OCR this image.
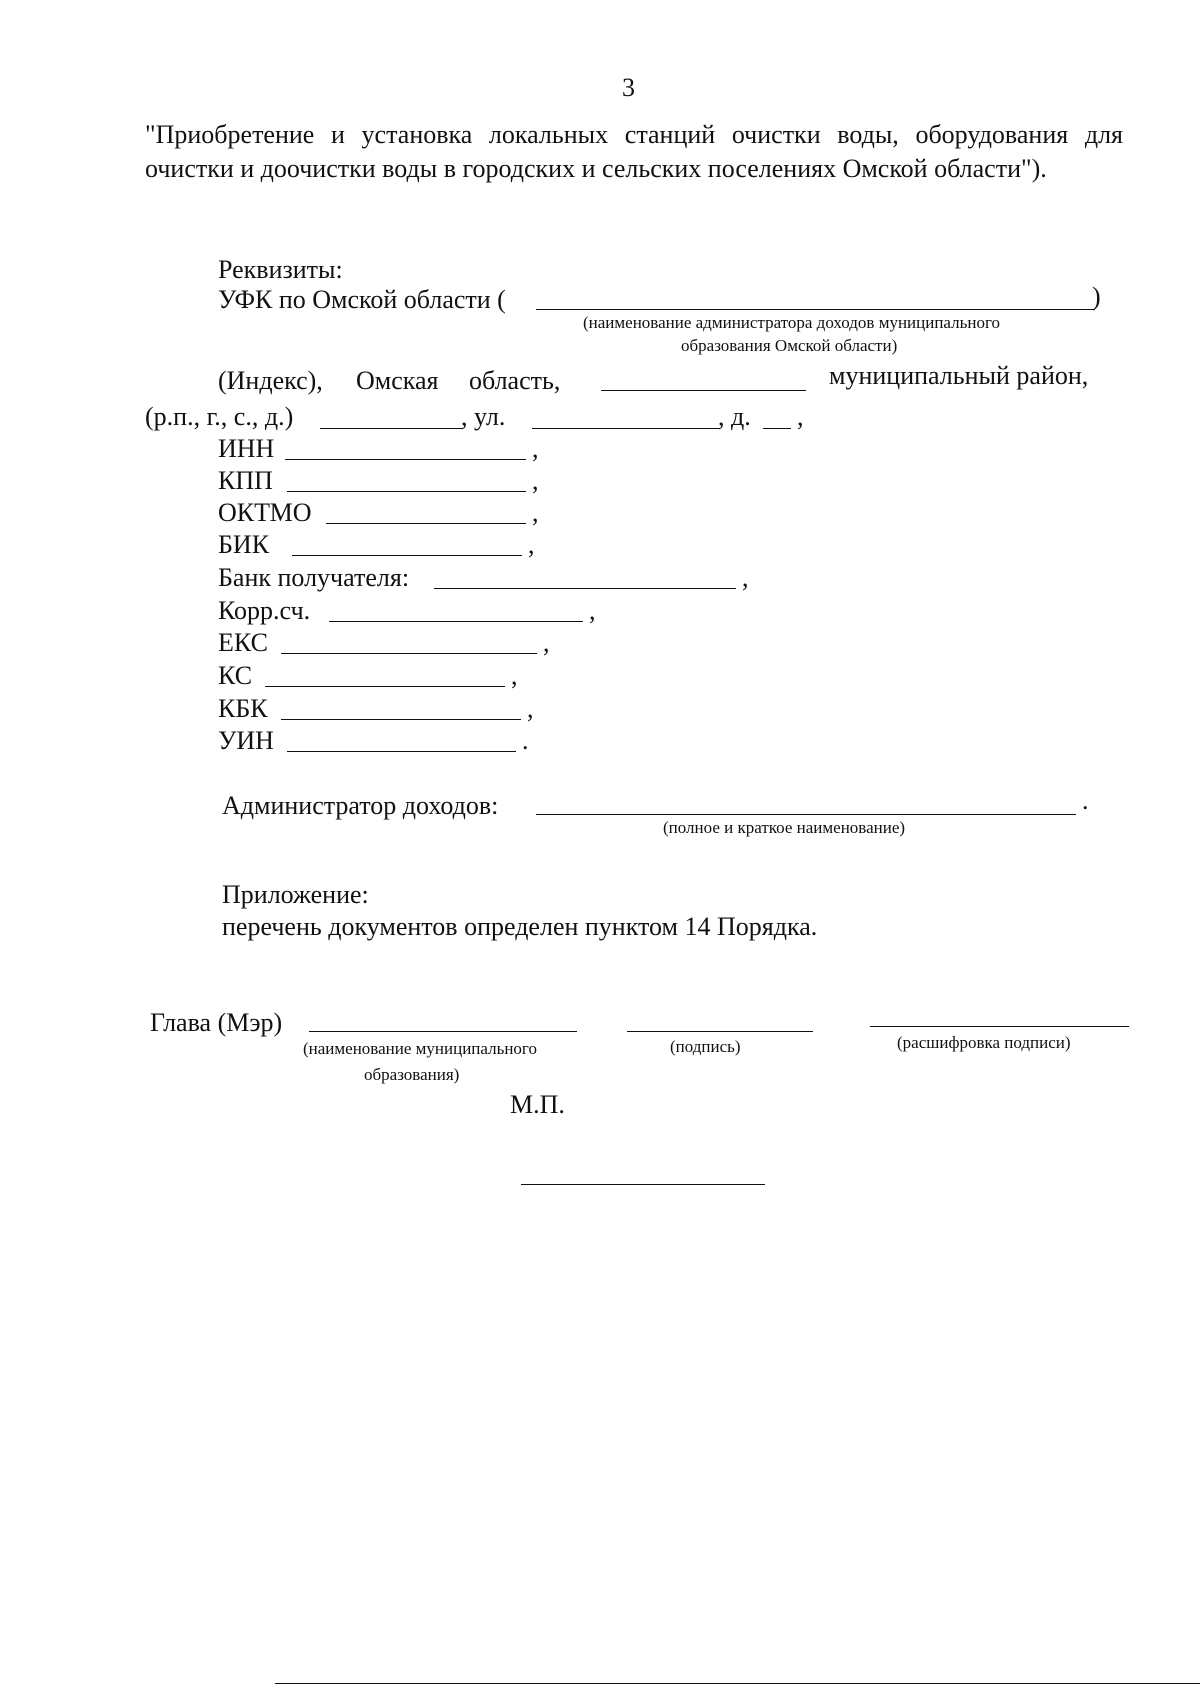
3
"Приобретение и установка локальных станций очистки воды, оборудования для очистки и доочистки воды в городских и сельских поселениях Омской области").
Реквизиты:
УФК по Омской области (	)
(наименование администратора доходов муниципального
образования Омской области)
(Индекс), Омская область,	муниципальный район,
(р.п., г., с., д.)	, ул.	, д. ,
ИНН	,
КПП	,
ОКТМО	,
БИК	,
Банк получателя:	,
Корр.сч.	,
ЕКС	,
КС	,
КБК	,
УИН	.
Администратор доходов:	.
(полное и краткое наименование)
Приложение:
перечень документов определен пунктом 14 Порядка.
Глава (Мэр)
(наименование муниципального
образования)
(подпись)	(расшифровка подписи)
М.П.
